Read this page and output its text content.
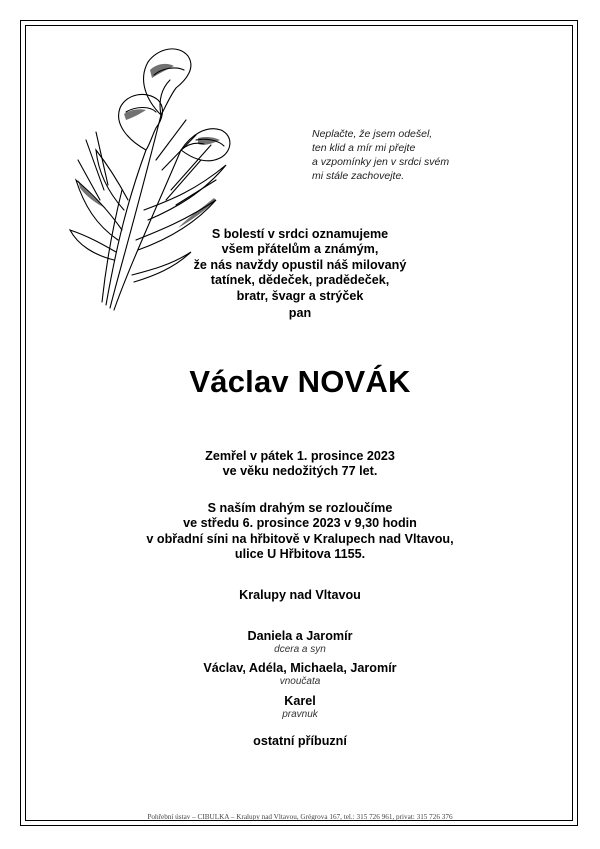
Neplačte, že jsem odešel,
ten klid a mír mi přejte
a vzpomínky jen v srdci svém
mi stále zachovejte.
S bolestí v srdci oznamujeme
všem přátelům a známým,
že nás navždy opustil náš milovaný
tatínek, dědeček, pradědeček,
bratr, švagr a strýček
pan
Václav NOVÁK
Zemřel v pátek 1. prosince 2023
ve věku nedožitých 77 let.
S naším drahým se rozloučíme
ve středu 6. prosince 2023 v 9,30 hodin
v obřadní síni na hřbitově v Kralupech nad Vltavou,
ulice U Hřbitova 1155.
Kralupy nad Vltavou
Daniela a Jaromír
dcera a syn
Václav, Adéla, Michaela, Jaromír
vnoučata
Karel
pravnuk
ostatní příbuzní
Pohřební ústav – CIBULKA – Kralupy nad Vltavou, Grégrova 167, tel.: 315 726 961, privat: 315 726 376
